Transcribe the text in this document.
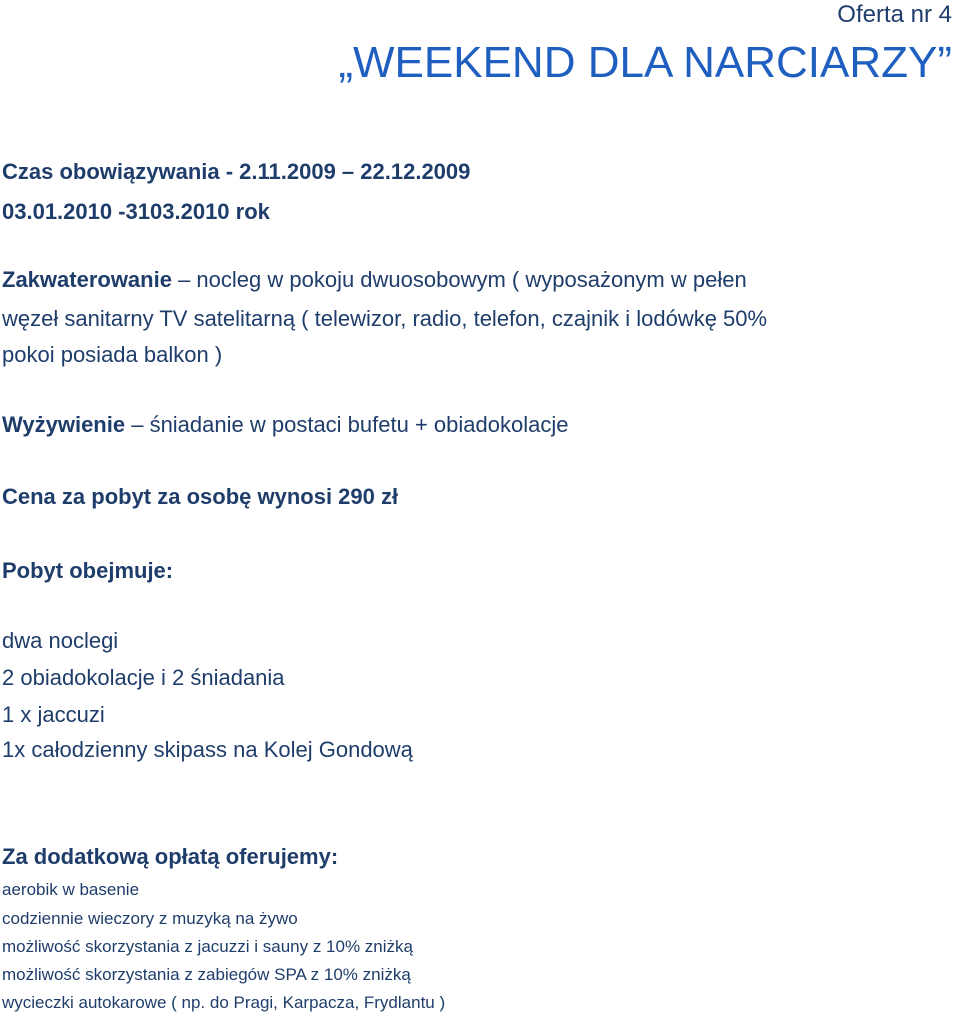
Oferta nr 4
„WEEKEND DLA NARCIARZY”
Czas obowiązywania - 2.11.2009 – 22.12.2009
03.01.2010 -3103.2010 rok
Zakwaterowanie – nocleg w pokoju dwuosobowym ( wyposażonym w pełen
węzeł sanitarny TV satelitarną ( telewizor, radio, telefon, czajnik i lodówkę 50%
pokoi posiada balkon )
Wyżywienie – śniadanie w postaci bufetu + obiadokolacje
Cena za pobyt za osobę wynosi 290 zł
Pobyt obejmuje:
dwa noclegi
2 obiadokolacje i 2 śniadania
1 x jaccuzi
1x całodzienny skipass na Kolej Gondową
Za dodatkową opłatą oferujemy:
aerobik w basenie
codziennie wieczory z muzyką na żywo
możliwość skorzystania z jacuzzi i sauny z 10% zniżką
możliwość skorzystania z zabiegów SPA z 10% zniżką
wycieczki autokarowe ( np. do Pragi, Karpacza, Frydlantu )
